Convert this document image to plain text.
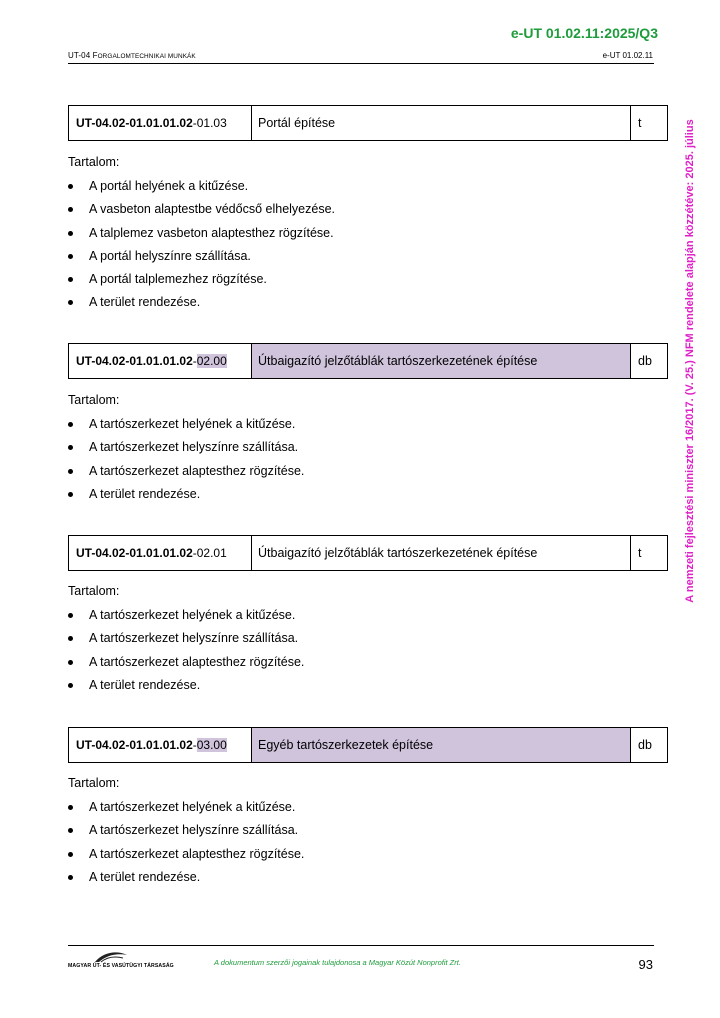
e-UT 01.02.11:2025/Q3
UT-04 FORGALOMTECHNIKAI MUNKÁK	e-UT 01.02.11
A nemzeti fejlesztési miniszter 16/2017. (V. 25.) NFM rendelete alapján közzétéve: 2025. július
UT-04.02-01.01.01.02 -01.03	Portál építése	t
Tartalom:
A portál helyének a kitűzése.
A vasbeton alaptestbe védőcső elhelyezése.
A talplemez vasbeton alaptesthez rögzítése.
A portál helyszínre szállítása.
A portál talplemezhez rögzítése.
A terület rendezése.
UT-04.02-01.01.01.02 - 02.00	Útbaigazító jelzőtáblák tartószerkezetének építése	db
Tartalom:
A tartószerkezet helyének a kitűzése.
A tartószerkezet helyszínre szállítása.
A tartószerkezet alaptesthez rögzítése.
A terület rendezése.
UT-04.02-01.01.01.02 -02.01	Útbaigazító jelzőtáblák tartószerkezetének építése	t
Tartalom:
A tartószerkezet helyének a kitűzése.
A tartószerkezet helyszínre szállítása.
A tartószerkezet alaptesthez rögzítése.
A terület rendezése.
UT-04.02-01.01.01.02 - 03.00	Egyéb tartószerkezetek építése	db
Tartalom:
A tartószerkezet helyének a kitűzése.
A tartószerkezet helyszínre szállítása.
A tartószerkezet alaptesthez rögzítése.
A terület rendezése.
MAGYAR ÚT- ÉS VASÚTÜGYI TÁRSASÁG	A dokumentum szerzői jogainak tulajdonosa a Magyar Közút Nonprofit Zrt.	93
